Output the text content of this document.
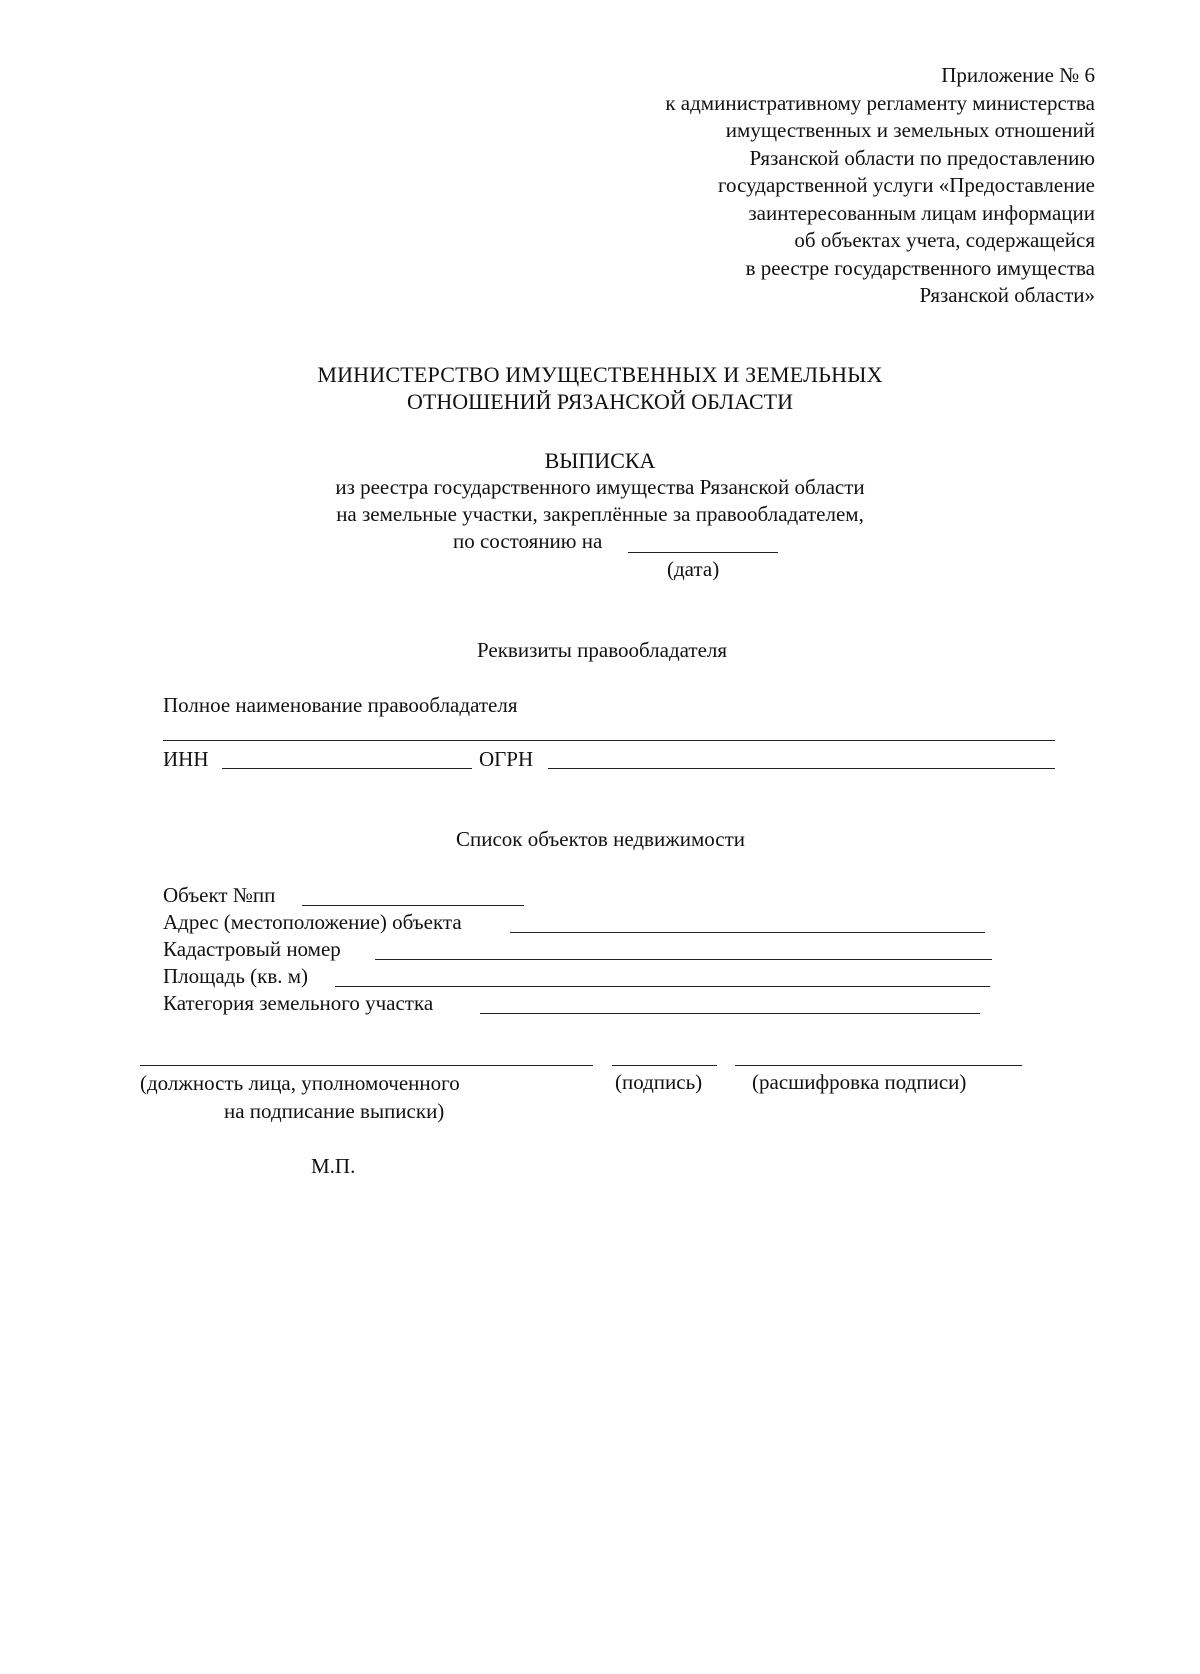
Приложение № 6
к административному регламенту министерства
имущественных и земельных отношений
Рязанской области по предоставлению
государственной услуги «Предоставление
заинтересованным лицам информации
об объектах учета, содержащейся
в реестре государственного имущества
Рязанской области»
МИНИСТЕРСТВО ИМУЩЕСТВЕННЫХ И ЗЕМЕЛЬНЫХ
ОТНОШЕНИЙ РЯЗАНСКОЙ ОБЛАСТИ
ВЫПИСКА
из реестра государственного имущества Рязанской области
на земельные участки, закреплённые за правообладателем,
по состоянию на
(дата)
Реквизиты правообладателя
Полное наименование правообладателя
ИНН	ОГРН
Список объектов недвижимости
Объект №пп
Адрес (местоположение) объекта
Кадастровый номер
Площадь (кв. м)
Категория земельного участка
(должность лица, уполномоченного
на подписание выписки)
(подпись) (расшифровка подписи)
М.П.
